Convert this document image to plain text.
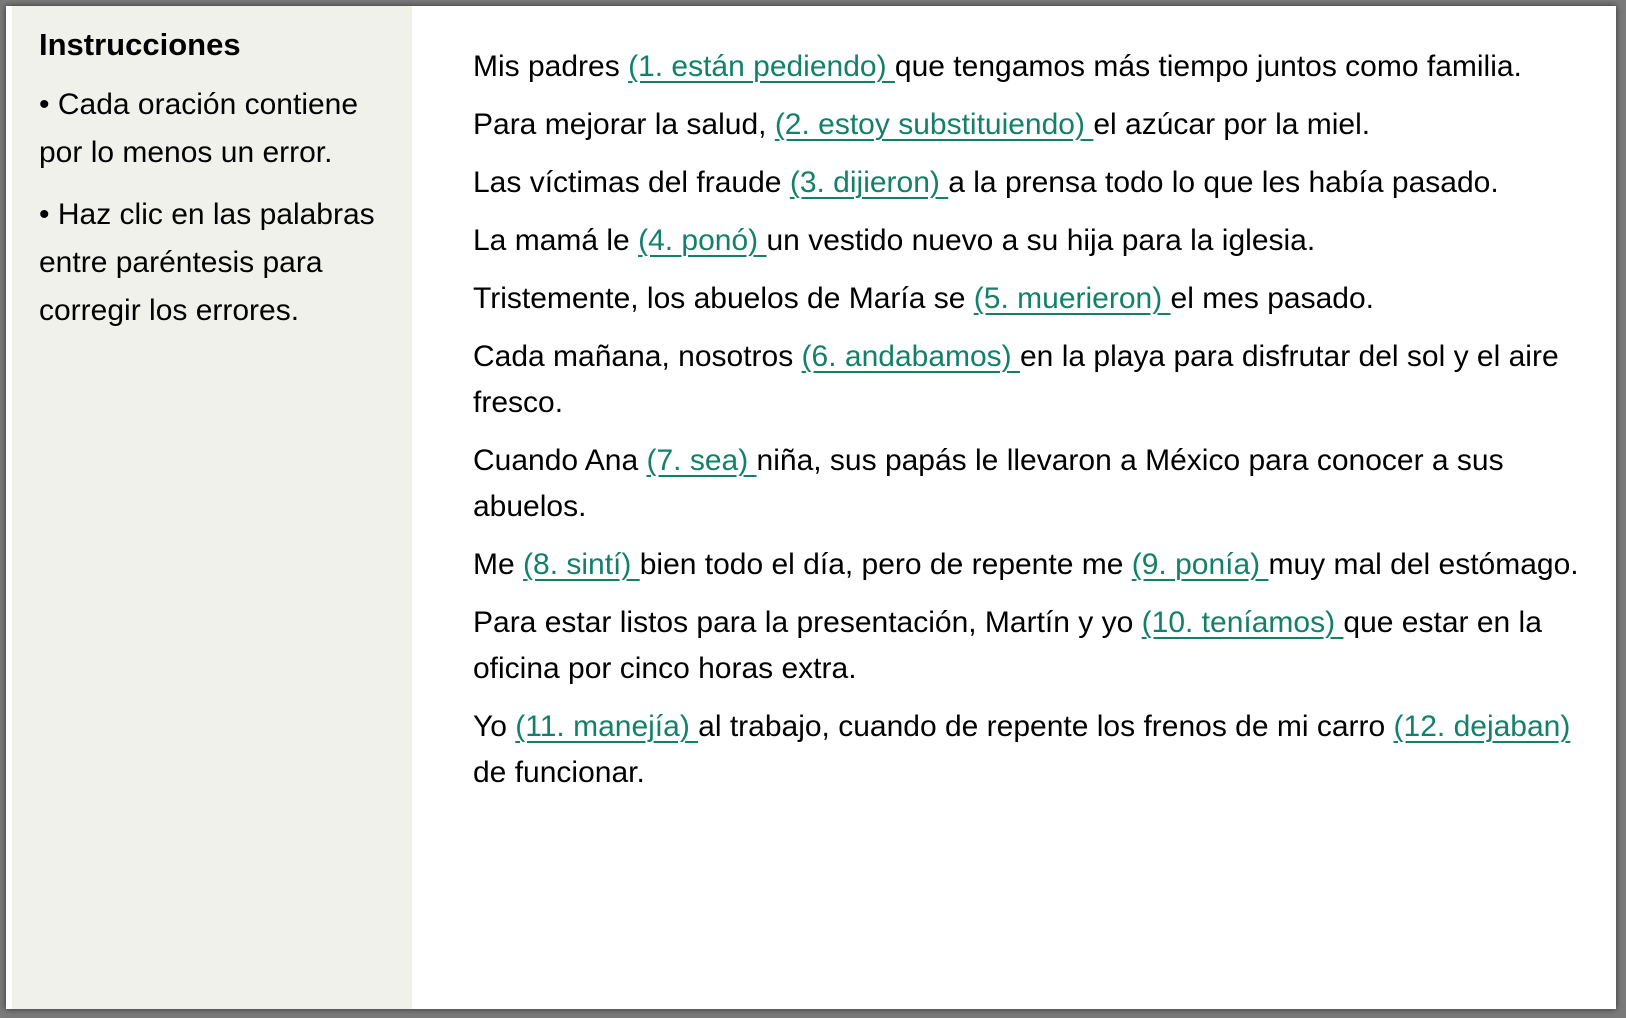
Instrucciones

• Cada oración contiene por lo menos un error.

• Haz clic en las palabras entre paréntesis para corregir los errores.

Mis padres (1. están pediendo) que tengamos más tiempo juntos como familia.

Para mejorar la salud, (2. estoy substituiendo) el azúcar por la miel.

Las víctimas del fraude (3. dijieron) a la prensa todo lo que les había pasado.

La mamá le (4. ponó) un vestido nuevo a su hija para la iglesia.

Tristemente, los abuelos de María se (5. muerieron) el mes pasado.

Cada mañana, nosotros (6. andabamos) en la playa para disfrutar del sol y el aire fresco.

Cuando Ana (7. sea) niña, sus papás le llevaron a México para conocer a sus abuelos.

Me (8. sintí) bien todo el día, pero de repente me (9. ponía) muy mal del estómago.

Para estar listos para la presentación, Martín y yo (10. teníamos) que estar en la oficina por cinco horas extra.

Yo (11. manejía) al trabajo, cuando de repente los frenos de mi carro (12. dejaban) de funcionar.
